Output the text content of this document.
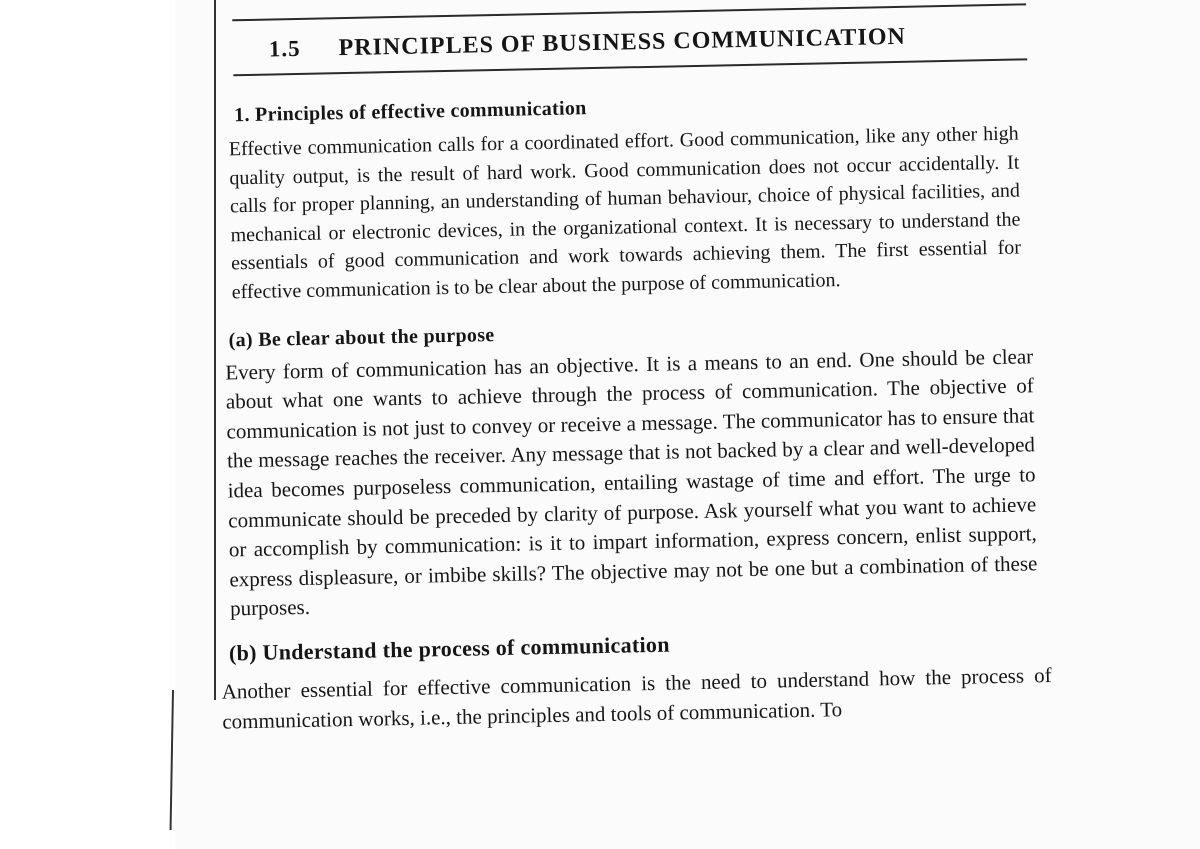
1.5 PRINCIPLES OF BUSINESS COMMUNICATION

1. Principles of effective communication

Effective communication calls for a coordinated effort. Good communication, like any other high quality output, is the result of hard work. Good communication does not occur accidentally. It calls for proper planning, an understanding of human behaviour, choice of physical facilities, and mechanical or electronic devices, in the organizational context. It is necessary to understand the essentials of good communication and work towards achieving them. The first essential for effective communication is to be clear about the purpose of communication.

(a) Be clear about the purpose

Every form of communication has an objective. It is a means to an end. One should be clear about what one wants to achieve through the process of communication. The objective of communication is not just to convey or receive a message. The communicator has to ensure that the message reaches the receiver. Any message that is not backed by a clear and well-developed idea becomes purposeless communication, entailing wastage of time and effort. The urge to communicate should be preceded by clarity of purpose. Ask yourself what you want to achieve or accomplish by communication: is it to impart information, express concern, enlist support, express displeasure, or imbibe skills? The objective may not be one but a combination of these purposes.

(b) Understand the process of communication

Another essential for effective communication is the need to understand how the process of communication works, i.e., the principles and tools of communication. To
